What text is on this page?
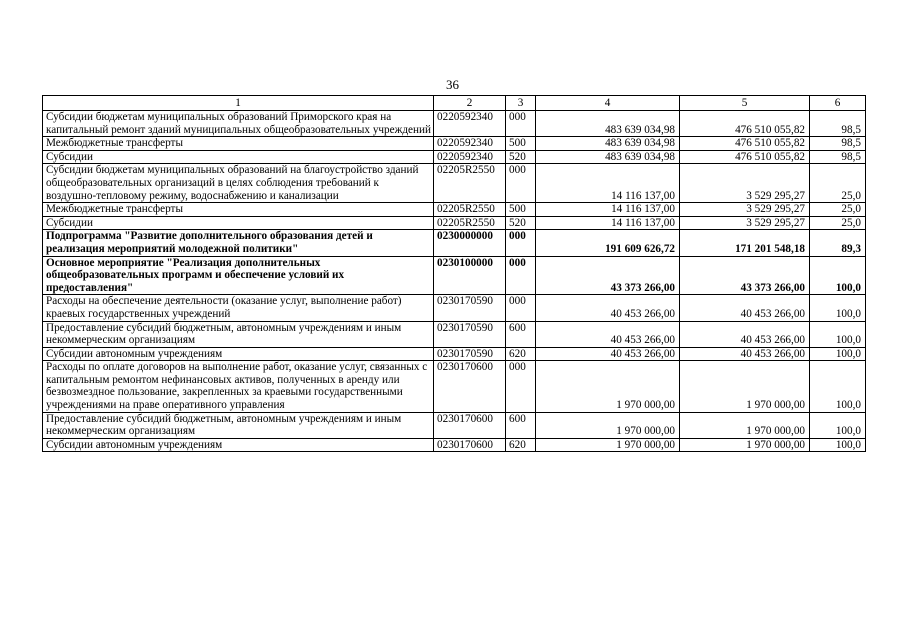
36
1	2	3	4	5	6
Субсидии бюджетам муниципальных образований Приморского края на капитальный ремонт зданий муниципальных общеобразовательных учреждений	0220592340	000	483 639 034,98	476 510 055,82	98,5
Межбюджетные трансферты	0220592340	500	483 639 034,98	476 510 055,82	98,5
Субсидии	0220592340	520	483 639 034,98	476 510 055,82	98,5
Субсидии бюджетам муниципальных образований на благоустройство зданий общеобразовательных организаций в целях соблюдения требований к воздушно-тепловому режиму, водоснабжению и канализации	02205R2550	000	14 116 137,00	3 529 295,27	25,0
Межбюджетные трансферты	02205R2550	500	14 116 137,00	3 529 295,27	25,0
Субсидии	02205R2550	520	14 116 137,00	3 529 295,27	25,0
Подпрограмма "Развитие дополнительного образования детей и реализация мероприятий молодежной политики"	0230000000	000	191 609 626,72	171 201 548,18	89,3
Основное мероприятие "Реализация дополнительных общеобразовательных программ и обеспечение условий их предоставления"	0230100000	000	43 373 266,00	43 373 266,00	100,0
Расходы на обеспечение деятельности (оказание услуг, выполнение работ) краевых государственных учреждений	0230170590	000	40 453 266,00	40 453 266,00	100,0
Предоставление субсидий бюджетным, автономным учреждениям и иным некоммерческим организациям	0230170590	600	40 453 266,00	40 453 266,00	100,0
Субсидии автономным учреждениям	0230170590	620	40 453 266,00	40 453 266,00	100,0
Расходы по оплате договоров на выполнение работ, оказание услуг, связанных с капитальным ремонтом нефинансовых активов, полученных в аренду или безвозмездное пользование, закрепленных за краевыми государственными учреждениями на праве оперативного управления	0230170600	000	1 970 000,00	1 970 000,00	100,0
Предоставление субсидий бюджетным, автономным учреждениям и иным некоммерческим организациям	0230170600	600	1 970 000,00	1 970 000,00	100,0
Субсидии автономным учреждениям	0230170600	620	1 970 000,00	1 970 000,00	100,0
